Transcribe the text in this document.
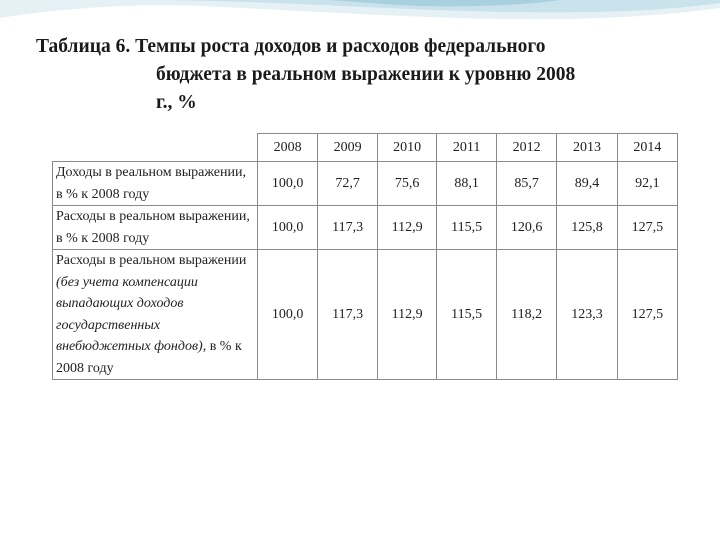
Таблица 6. Темпы роста доходов и расходов федерального
бюджета в реальном выражении к уровню 2008
г., %
	2008	2009	2010	2011	2012	2013	2014
Доходы в реальном выражении, в % к 2008 году	100,0	72,7	75,6	88,1	85,7	89,4	92,1
Расходы в реальном выражении, в % к 2008 году	100,0	117,3	112,9	115,5	120,6	125,8	127,5
Расходы в реальном выражении (без учета компенсации выпадающих доходов государственных внебюджетных фондов), в % к 2008 году	100,0	117,3	112,9	115,5	118,2	123,3	127,5
